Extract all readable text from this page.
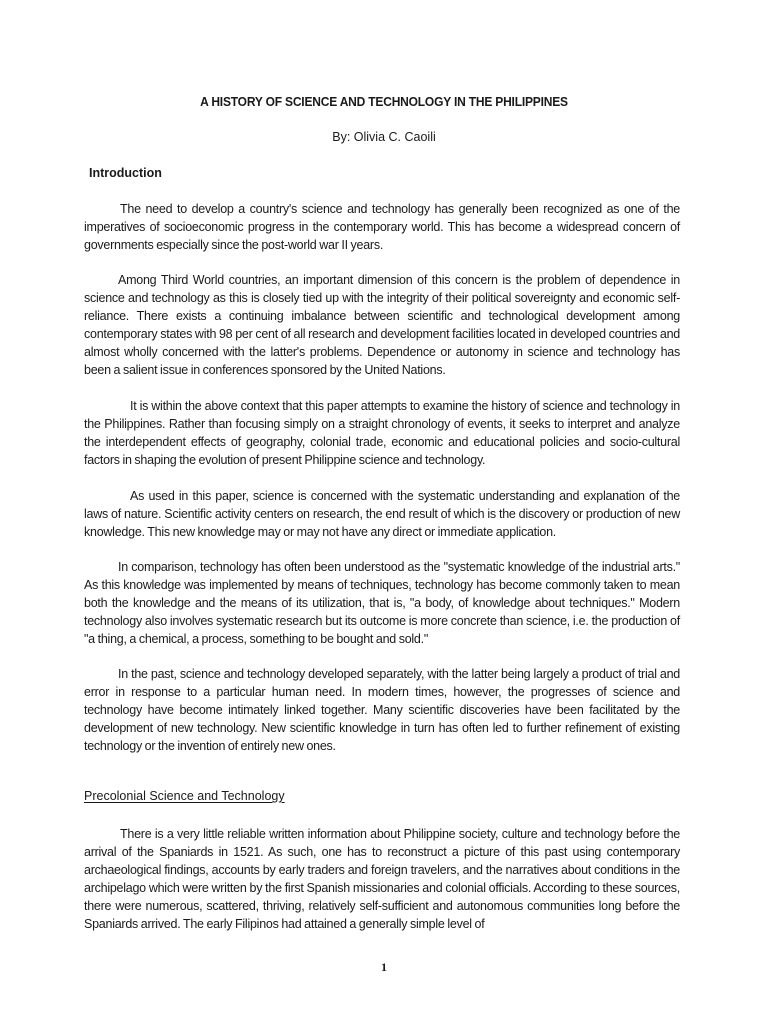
A HISTORY OF SCIENCE AND TECHNOLOGY IN THE PHILIPPINES
By: Olivia C. Caoili
Introduction

The need to develop a country's science and technology has generally been recognized as one of the imperatives of socioeconomic progress in the contemporary world. This has become a widespread concern of governments especially since the post-world war II years.

Among Third World countries, an important dimension of this concern is the problem of dependence in science and technology as this is closely tied up with the integrity of their political sovereignty and economic self-reliance. There exists a continuing imbalance between scientific and technological development among contemporary states with 98 per cent of all research and development facilities located in developed countries and almost wholly concerned with the latter's problems. Dependence or autonomy in science and technology has been a salient issue in conferences sponsored by the United Nations.

It is within the above context that this paper attempts to examine the history of science and technology in the Philippines. Rather than focusing simply on a straight chronology of events, it seeks to interpret and analyze the interdependent effects of geography, colonial trade, economic and educational policies and socio-cultural factors in shaping the evolution of present Philippine science and technology.

As used in this paper, science is concerned with the systematic understanding and explanation of the laws of nature. Scientific activity centers on research, the end result of which is the discovery or production of new knowledge. This new knowledge may or may not have any direct or immediate application.

In comparison, technology has often been understood as the "systematic knowledge of the industrial arts." As this knowledge was implemented by means of techniques, technology has become commonly taken to mean both the knowledge and the means of its utilization, that is, "a body, of knowledge about techniques." Modern technology also involves systematic research but its outcome is more concrete than science, i.e. the production of "a thing, a chemical, a process, something to be bought and sold."

In the past, science and technology developed separately, with the latter being largely a product of trial and error in response to a particular human need. In modern times, however, the progresses of science and technology have become intimately linked together. Many scientific discoveries have been facilitated by the development of new technology. New scientific knowledge in turn has often led to further refinement of existing technology or the invention of entirely new ones.

Precolonial Science and Technology

There is a very little reliable written information about Philippine society, culture and technology before the arrival of the Spaniards in 1521. As such, one has to reconstruct a picture of this past using contemporary archaeological findings, accounts by early traders and foreign travelers, and the narratives about conditions in the archipelago which were written by the first Spanish missionaries and colonial officials. According to these sources, there were numerous, scattered, thriving, relatively self-sufficient and autonomous communities long before the Spaniards arrived. The early Filipinos had attained a generally simple level of

1
